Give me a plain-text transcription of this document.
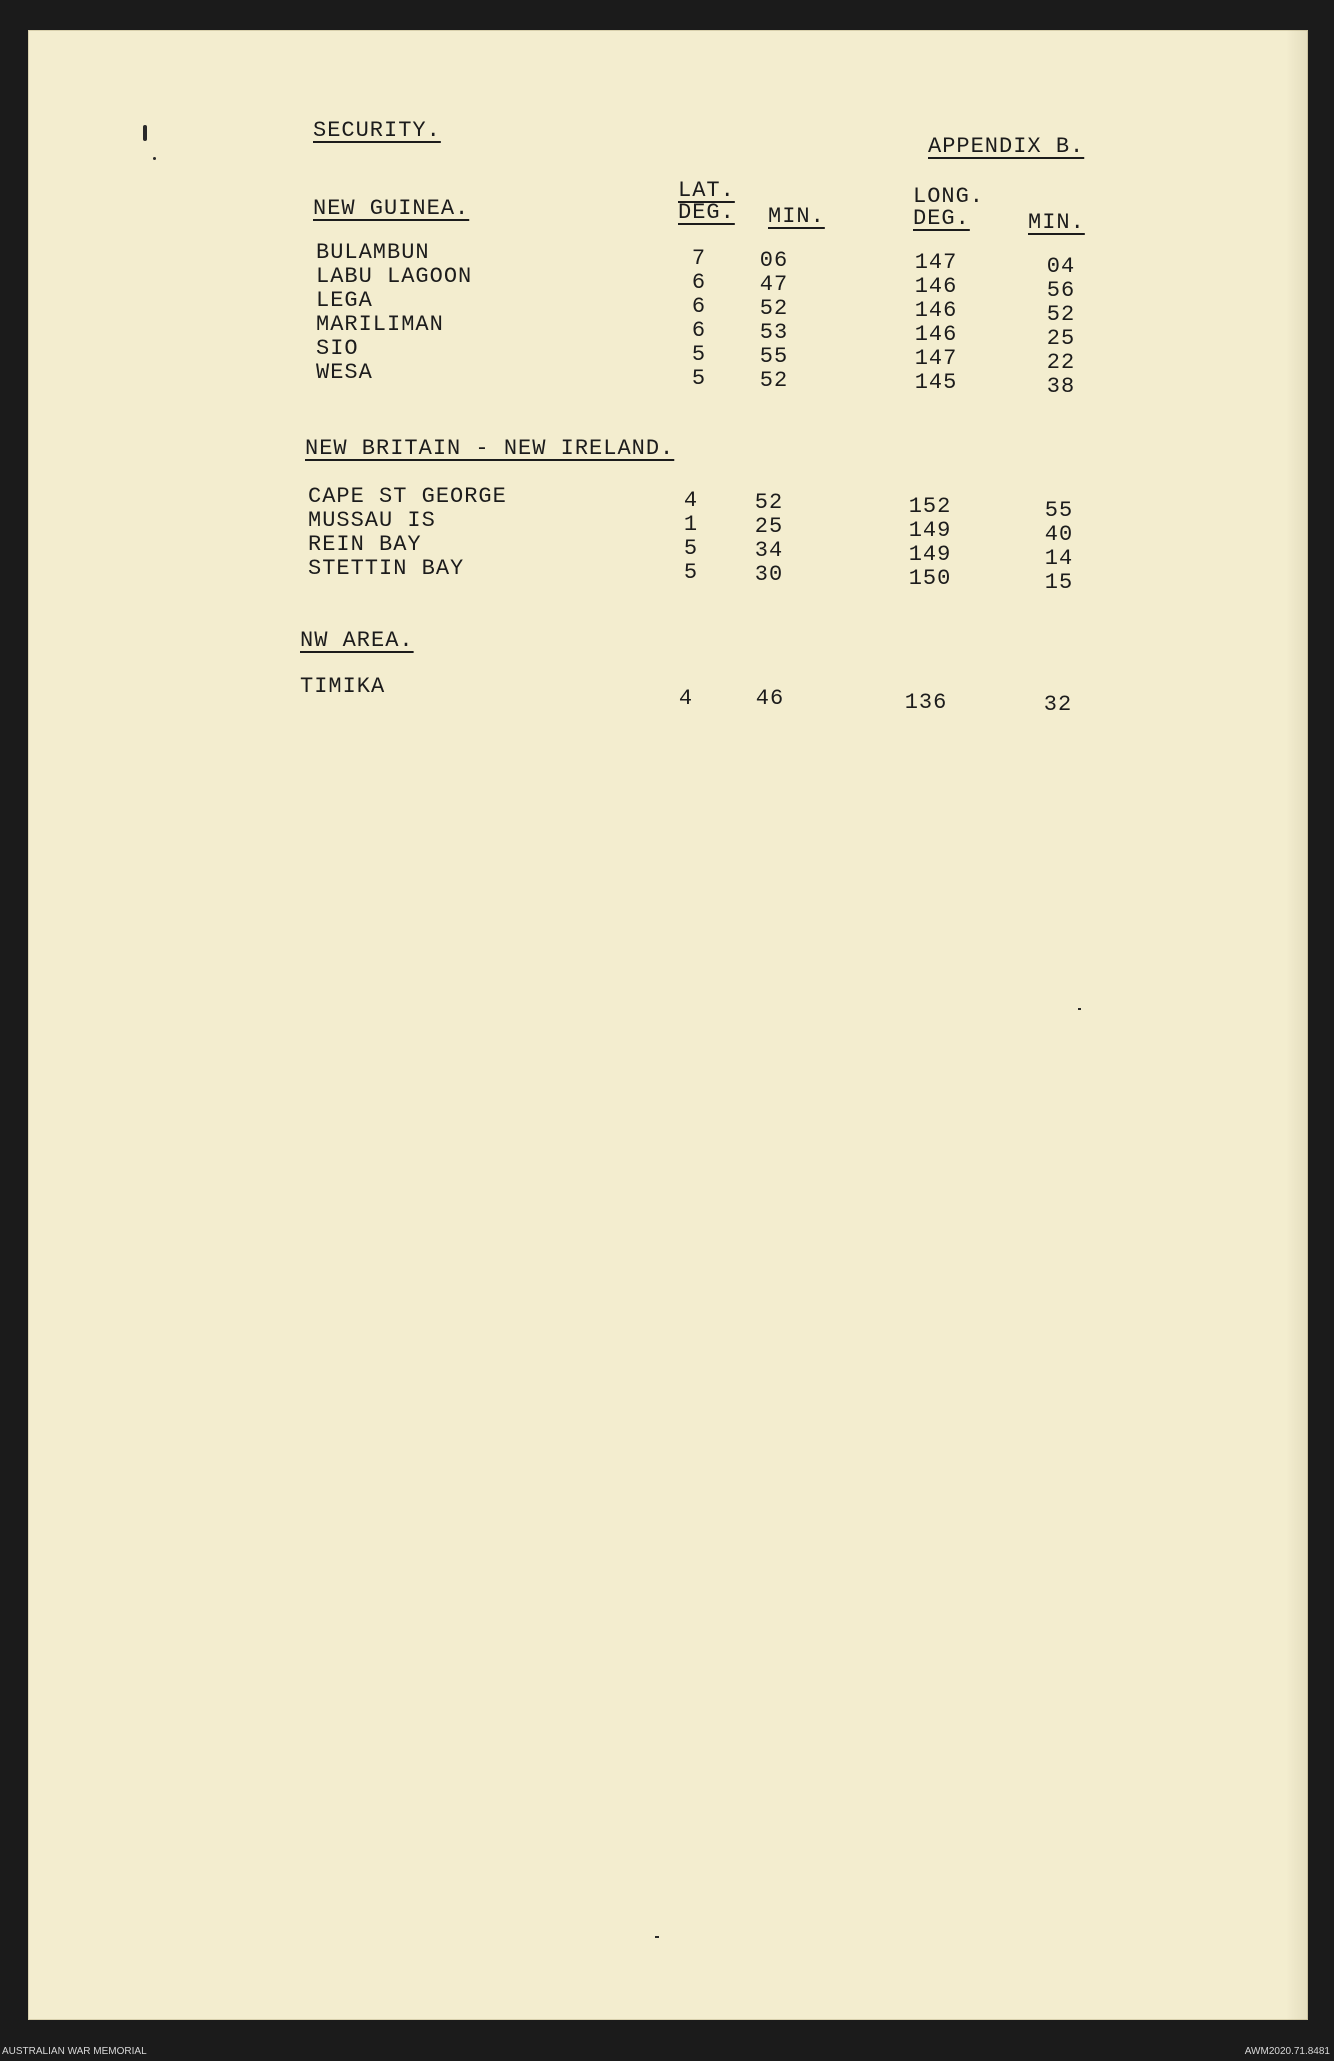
SECURITY.
APPENDIX B.
LAT.
DEG. MIN.
LONG.
DEG.	MIN.
NEW GUINEA.
BULAMBUN	7	06	147	04
LABU LAGOON	6	47	146	56
LEGA	6	52	146	52
MARILIMAN	6	53	146	25
SIO	5	55	147	22
WESA	5	52	145	38
NEW BRITAIN - NEW IRELAND.
CAPE ST GEORGE	4	52	152	55
MUSSAU IS	1	25	149	40
REIN BAY	5	34	149	14
STETTIN BAY	5	30	150	15
NW AREA.
TIMIKA	4	46	136	32
AUSTRALIAN WAR MEMORIAL	AWM2020.71.8481
